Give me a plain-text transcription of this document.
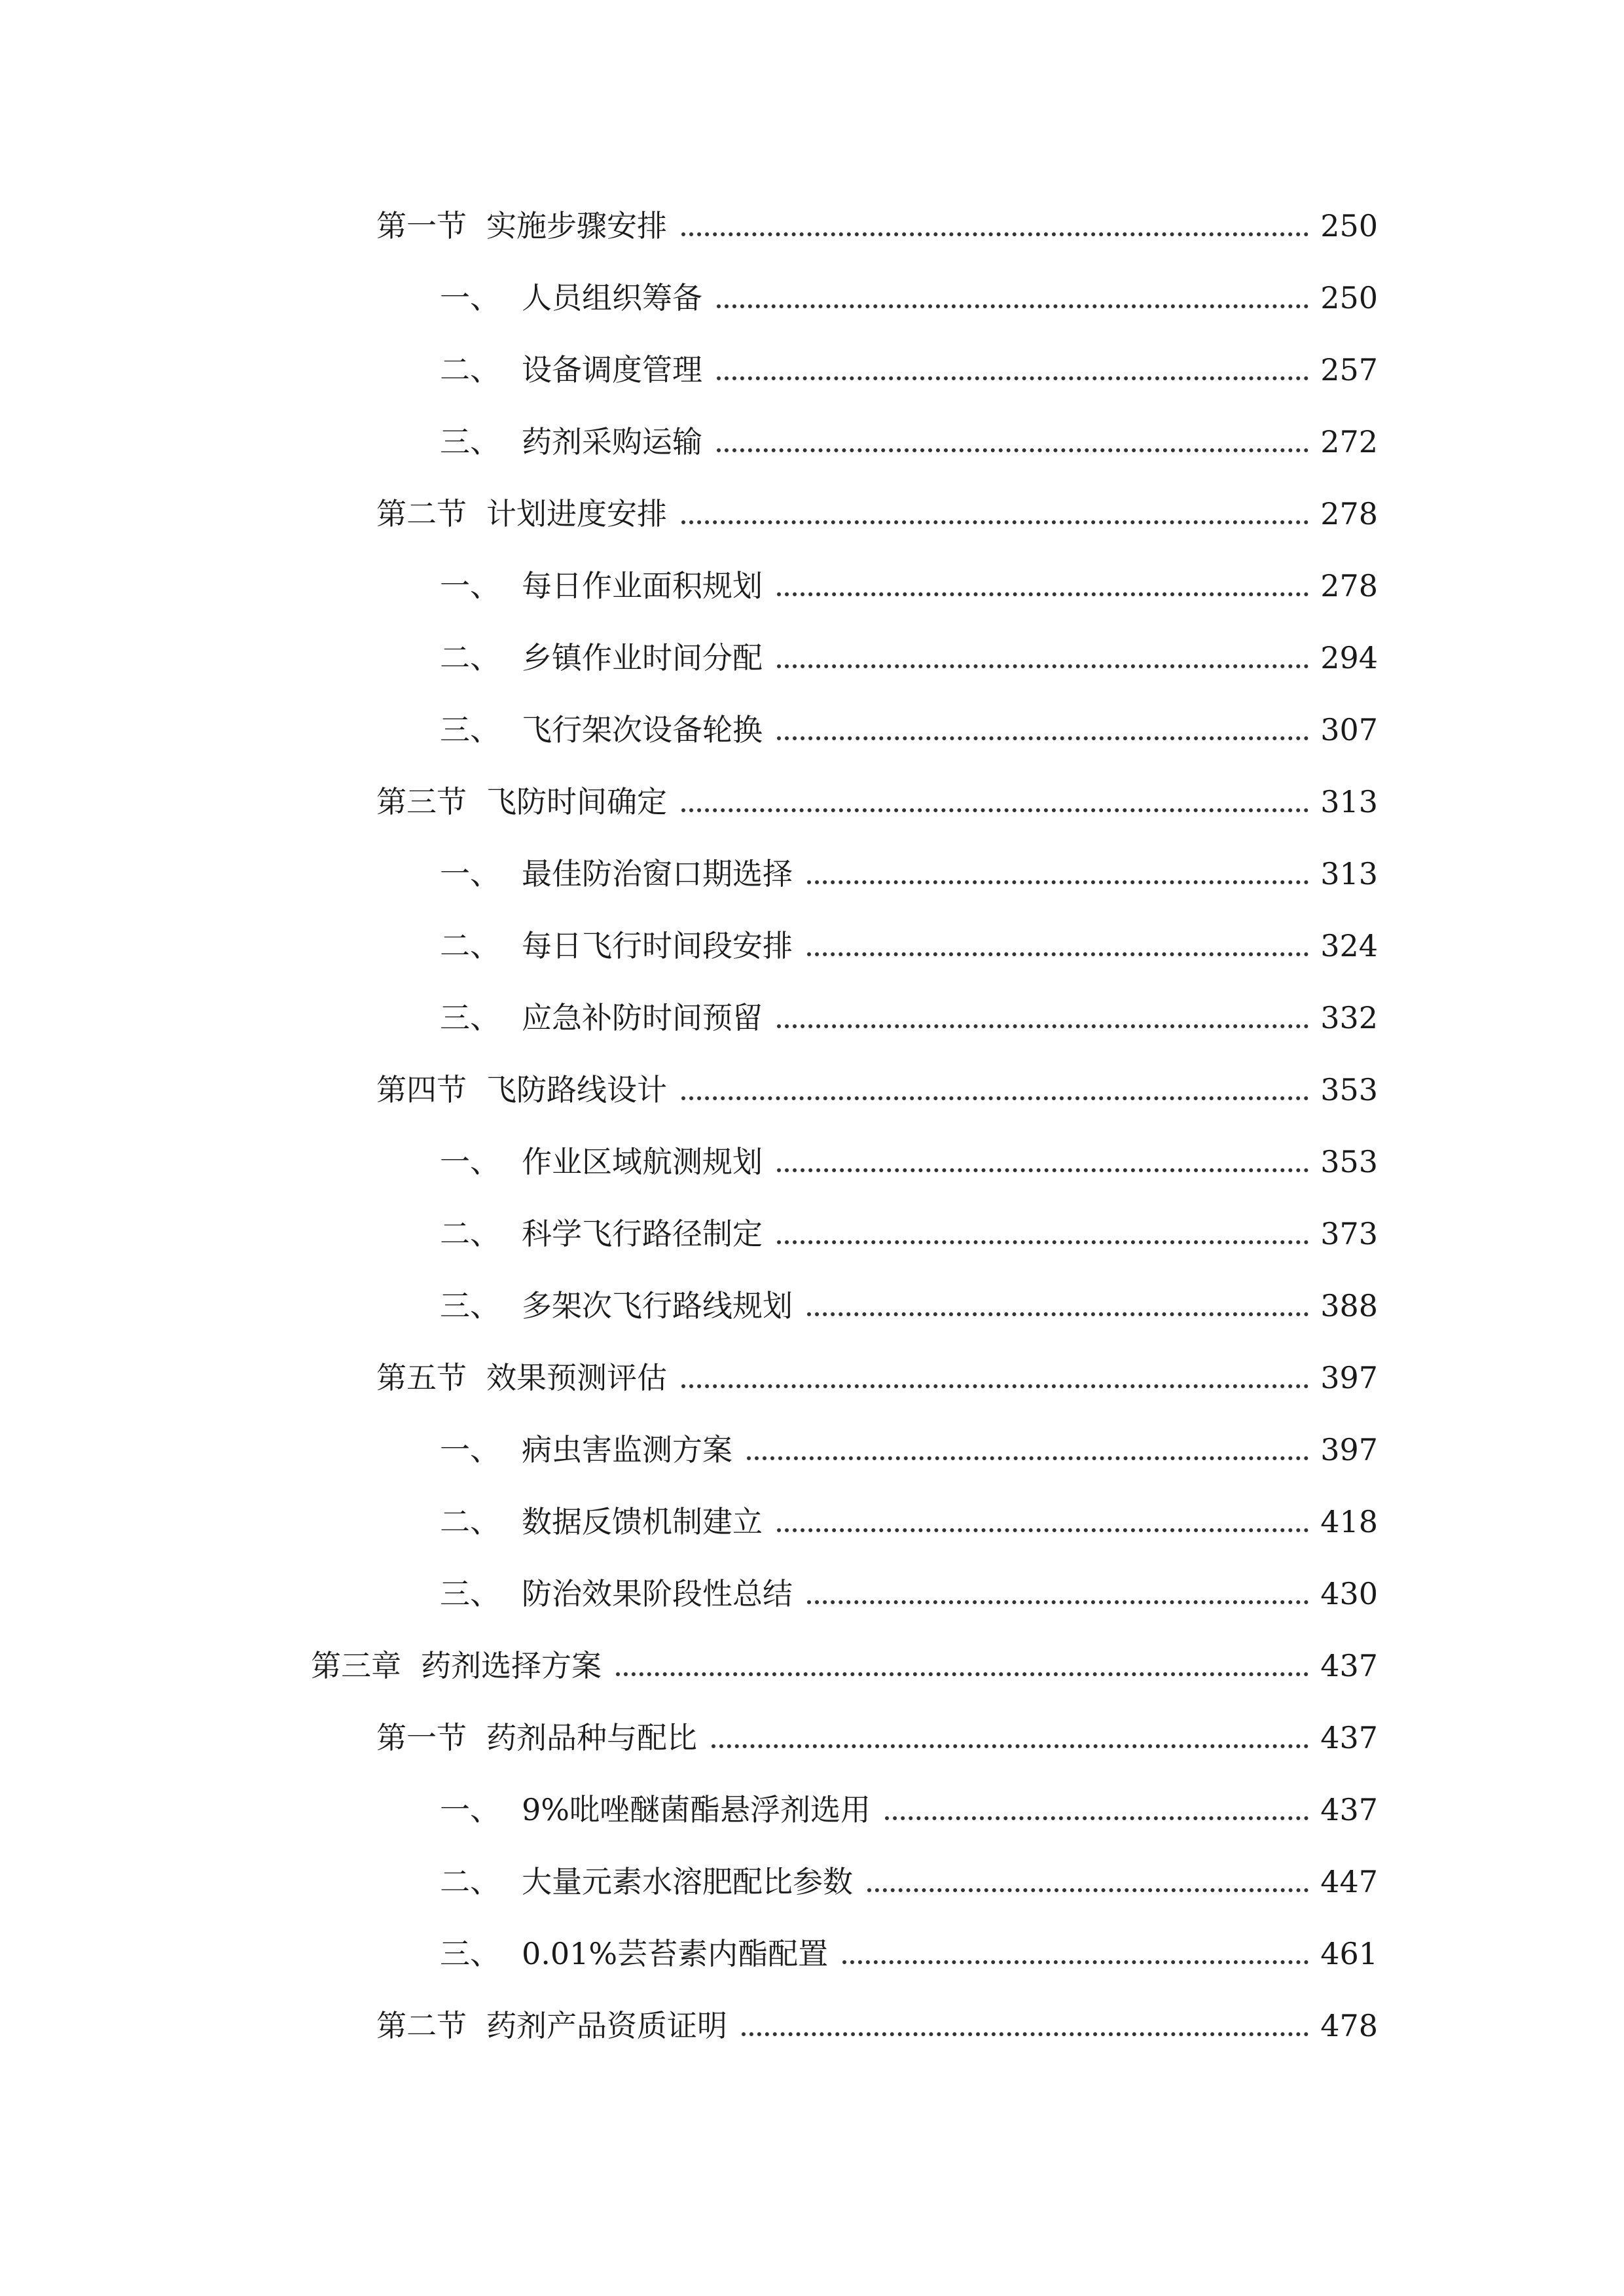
第一节 实施步骤安排	250
一、 人员组织筹备	250
二、 设备调度管理	257
三、 药剂采购运输	272
第二节 计划进度安排	278
一、 每日作业面积规划	278
二、 乡镇作业时间分配	294
三、 飞行架次设备轮换	307
第三节 飞防时间确定	313
一、 最佳防治窗口期选择	313
二、 每日飞行时间段安排	324
三、 应急补防时间预留	332
第四节 飞防路线设计	353
一、 作业区域航测规划	353
二、 科学飞行路径制定	373
三、 多架次飞行路线规划	388
第五节 效果预测评估	397
一、 病虫害监测方案	397
二、 数据反馈机制建立	418
三、 防治效果阶段性总结	430
第三章 药剂选择方案	437
第一节 药剂品种与配比	437
一、 9%吡唑醚菌酯悬浮剂选用	437
二、 大量元素水溶肥配比参数	447
三、 0.01%芸苔素内酯配置	461
第二节 药剂产品资质证明	478
